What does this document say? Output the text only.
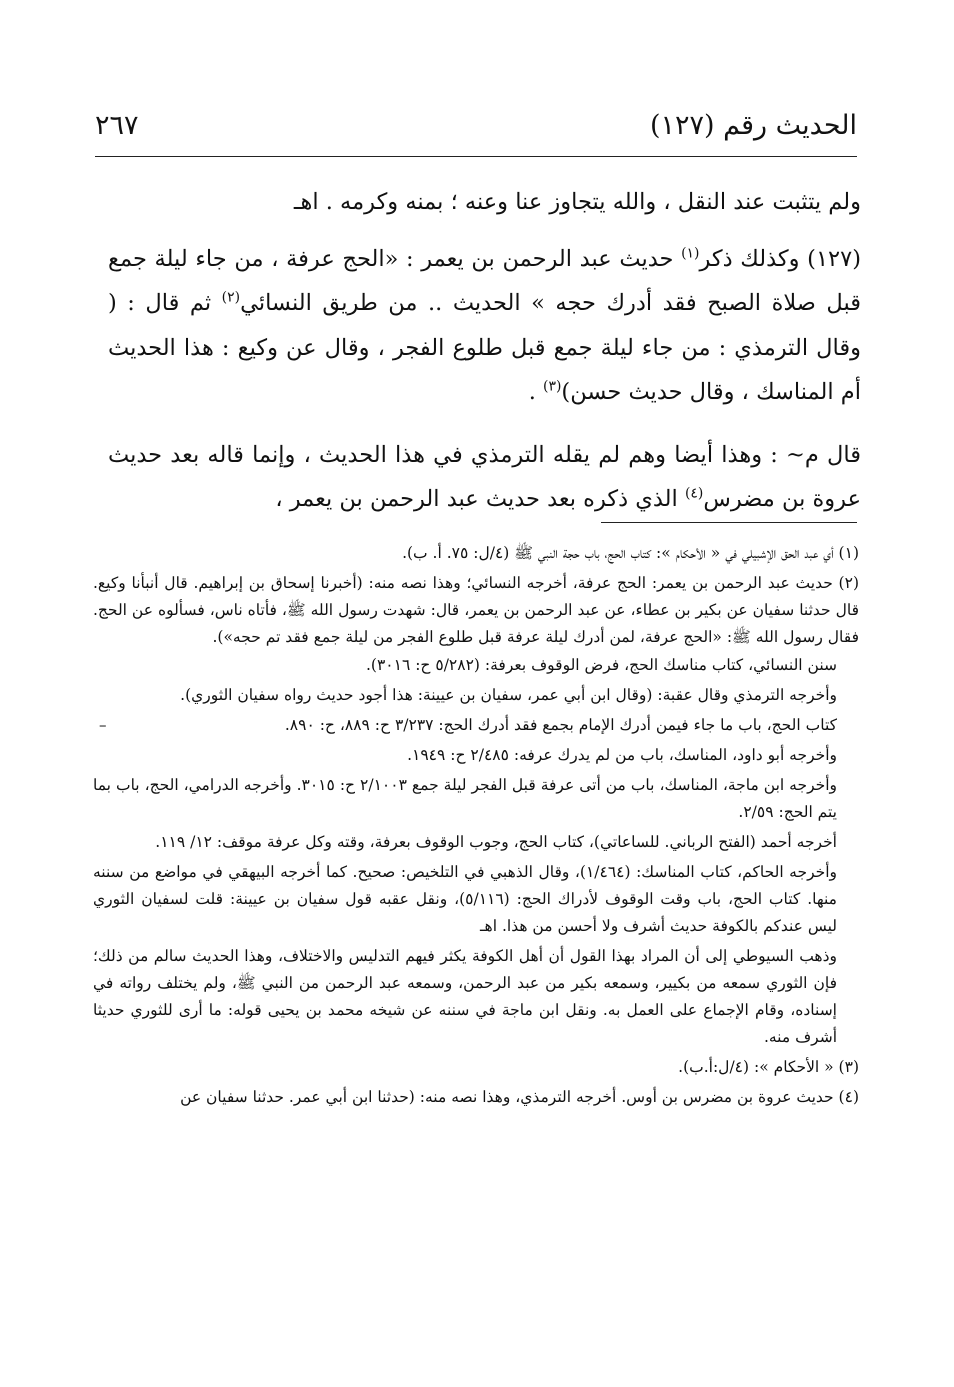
الحديث رقم (١٢٧)
٢٦٧

ولم يتثبت عند النقل ، والله يتجاوز عنا وعنه ؛ بمنه وكرمه . اهـ

(١٢٧) وكذلك ذكر$^{(١)}$ حديث عبد الرحمن بن يعمر : «الحج عرفة ، من جاء ليلة جمع قبل صلاة الصبح فقد أدرك حجه » الحديث .. من طريق النسائي$^{(٢)}$ ثم قال : ( وقال الترمذي : من جاء ليلة جمع قبل طلوع الفجر ، وقال عن وكيع : هذا الحديث أم المناسك ، وقال حديث حسن)$^{(٣)}$ .

قال م~ : وهذا أيضا وهم لم يقله الترمذي في هذا الحديث ، وإنما قاله بعد حديث عروة بن مضرس$^{(٤)}$ الذي ذكره بعد حديث عبد الرحمن بن يعمر ،

(١) أي عبد الحق الإشبيلي في « الأحكام »: كتاب الحج، باب حجة النبي ﷺ (٤/ل: ٧٥. أ. ب).
(٢) حديث عبد الرحمن بن يعمر: الحج عرفة، أخرجه النسائي؛ وهذا نصه منه: (أخبرنا إسحاق بن إبراهيم. قال أنبأنا وكيع. قال حدثنا سفيان عن بكير بن عطاء، عن عبد الرحمن بن يعمر، قال: شهدت رسول الله ﷺ، فأتاه ناس، فسألوه عن الحج. فقال رسول الله ﷺ: «الحج عرفة، لمن أدرك ليلة عرفة قبل طلوع الفجر من ليلة جمع فقد تم حجه»).
سنن النسائي، كتاب مناسك الحج، فرض الوقوف بعرفة: (٥/٢٨٢ ح: ٣٠١٦).
وأخرجه الترمذي وقال عقبة: (وقال ابن أبي عمر، سفيان بن عيينة: هذا أجود حديث رواه سفيان الثوري).
–	كتاب الحج، باب ما جاء فيمن أدرك الإمام بجمع فقد أدرك الحج: ٣/٢٣٧ ح: ٨٨٩، ح: ٨٩٠.
وأخرجه أبو داود، المناسك، باب من لم يدرك عرفه: ٢/٤٨٥ ح: ١٩٤٩.
وأخرجه ابن ماجة، المناسك، باب من أتى عرفة قبل الفجر ليلة جمع ٢/١٠٠٣ ح: ٣٠١٥. وأخرجه الدرامي، الحج، باب بما يتم الحج: ٢/٥٩.
أخرجه أحمد (الفتح الرباني. للساعاتي)، كتاب الحج، وجوب الوقوف بعرفة، وقته وكل عرفة موقف: ١٢/ ١١٩.
وأخرجه الحاكم، كتاب المناسك: (١/٤٦٤)، وقال الذهبي في التلخيص: صحيح. كما أخرجه البيهقي في مواضع من سننه منها. كتاب الحج، باب وقت الوقوف لأدراك الحج: (٥/١١٦)، ونقل عقبه قول سفيان بن عيينة: قلت لسفيان الثوري ليس عندكم بالكوفة حديث أشرف ولا أحسن من هذا. اهـ
وذهب السيوطي إلى أن المراد بهذا القول أن أهل الكوفة يكثر فيهم التدليس والاختلاف، وهذا الحديث سالم من ذلك؛ فإن الثوري سمعه من بكيير، وسمعه بكير من عبد الرحمن، وسمعه عبد الرحمن من النبي ﷺ، ولم يختلف رواته في إسناده، وقام الإجماع على العمل به. ونقل ابن ماجة في سننه عن شيخه محمد بن يحيى قوله: ما أرى للثوري حديثا أشرف منه.
(٣) « الأحكام »: (٤/ل:أ.ب).
(٤) حديث عروة بن مضرس بن أوس. أخرجه الترمذي، وهذا نصه منه: (حدثنا ابن أبي عمر. حدثنا سفيان عن
